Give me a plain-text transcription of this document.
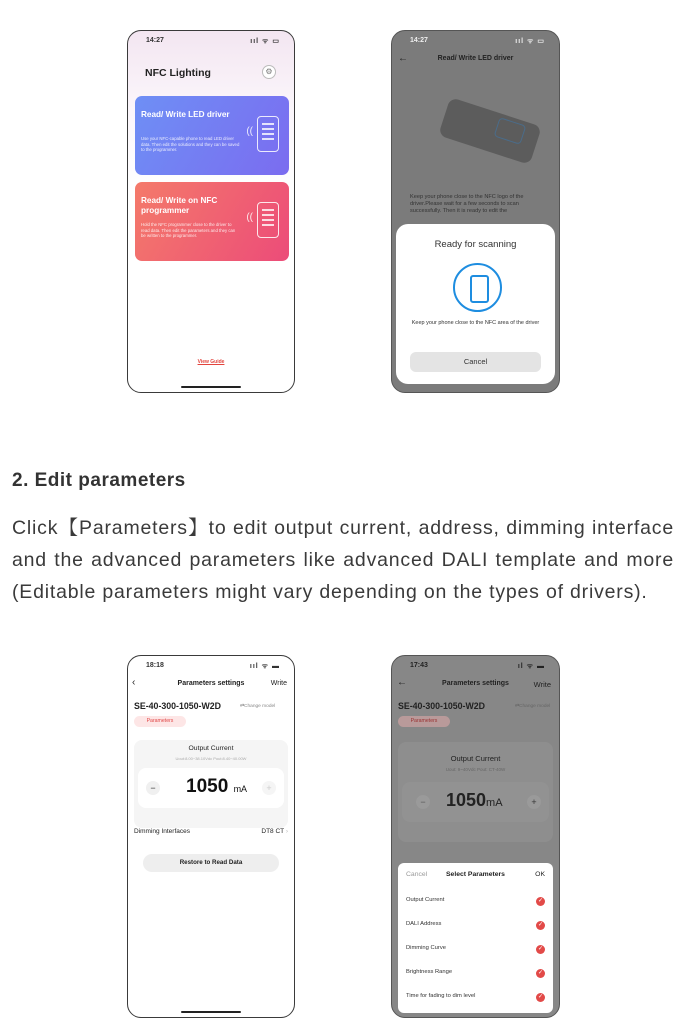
14:27	ııl ᯤ ▭
NFC Lighting	⚙
Read/ Write LED driver
Use your NFC-capable phone to read LED driver data. Then edit the solutions and they can be saved to the programmer.
((
Read/ Write on NFC programmer
Hold the NFC programmer close to the driver to read data. Then edit the parameters and they can be written to the programmer.
((
View Guide
14:27	ııl ᯤ ▭
←	Read/ Write LED driver
Keep your phone close to the NFC logo of the driver.Please wait for a few seconds to scan successfully. Then it is ready to edit the
Ready for scanning
Keep your phone close to the NFC area of the driver
Cancel
2. Edit parameters
Click【Parameters】to edit output current, address, dimming interface and the advanced parameters like advanced DALI template and more (Editable parameters might vary depending on the types of drivers).
18:18	ııl ᯤ ▬
‹	Parameters settings	Write
SE-40-300-1050-W2D	⇄Change model
Parameters
Output Current
Uout:8.00~38.10Vdc Pout:8.40~40.00W
− 1050 mA	+
Dimming Interfaces	DT8 CT ›
Restore to Read Data
17:43	ıl ᯤ ▬
←	Parameters settings	Write
SE-40-300-1050-W2D	⇄Change model
Parameters
Output Current
Uout: 9~40Vdc Pout: CT-40W
− 1050mA	+
Select Parameters
Cancel	OK
Output Current	✓
DALI Address	✓
Dimming Curve	✓
Brightness Range	✓
Time for fading to dim level	✓
